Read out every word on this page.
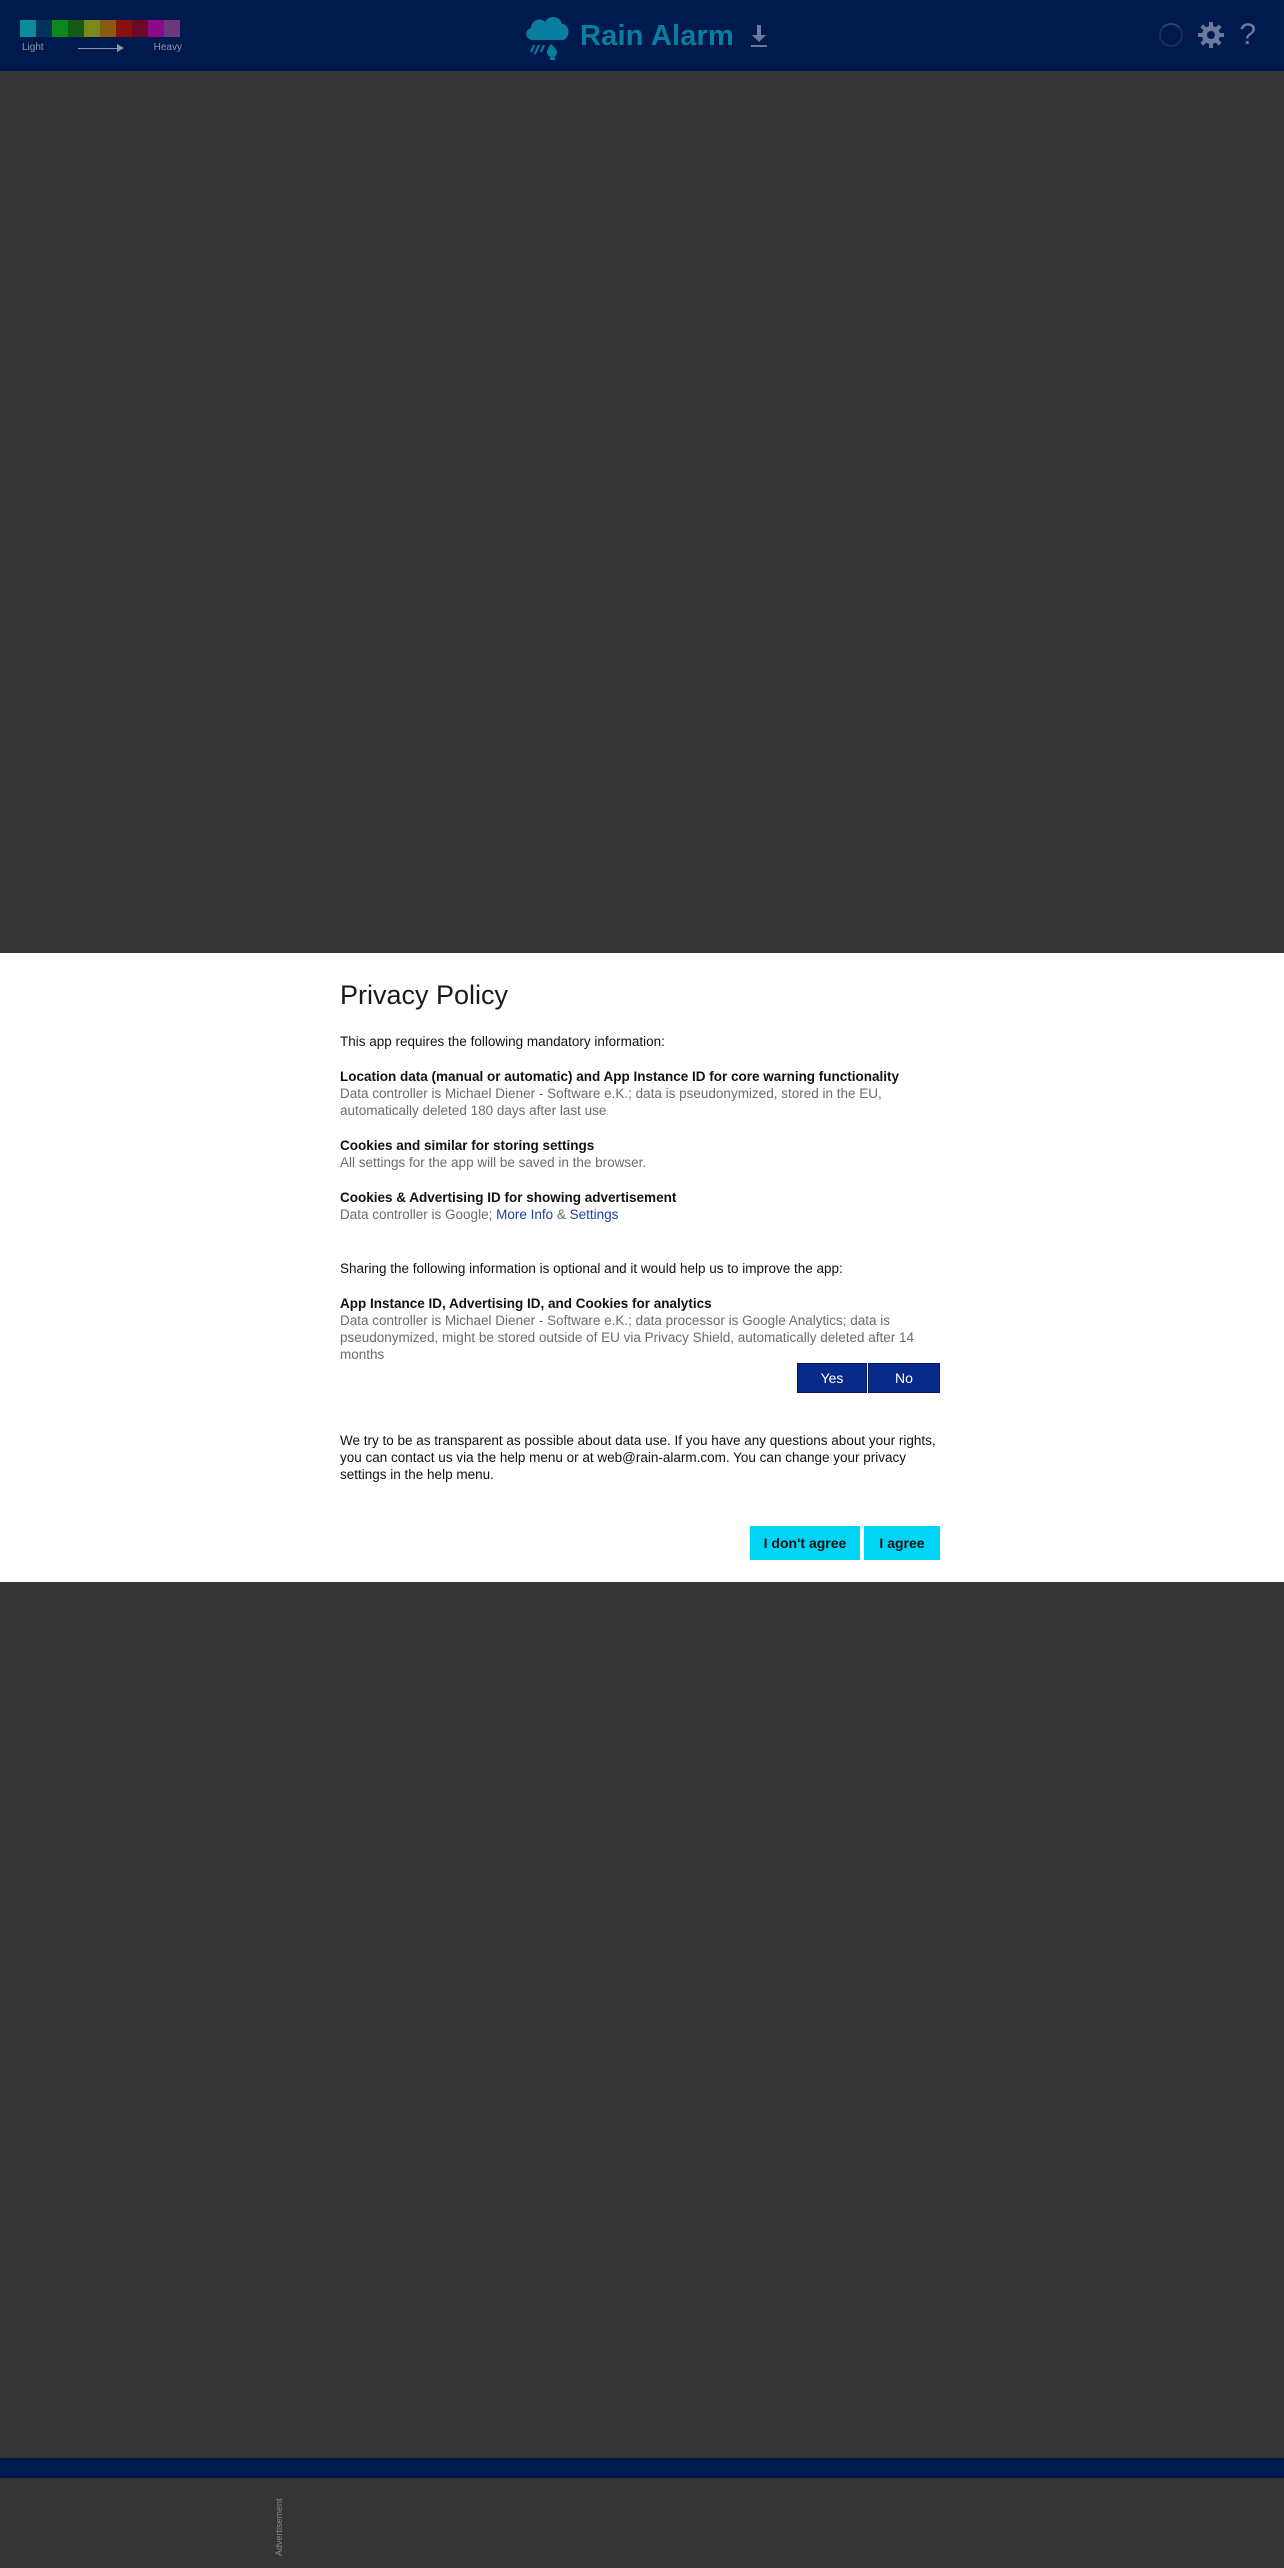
Light	Heavy	Rain Alarm	?
Privacy Policy
This app requires the following mandatory information:
Location data (manual or automatic) and App Instance ID for core warning functionality
Data controller is Michael Diener - Software e.K.; data is pseudonymized, stored in the EU, automatically deleted 180 days after last use
Cookies and similar for storing settings
All settings for the app will be saved in the browser.
Cookies & Advertising ID for showing advertisement
Data controller is Google; More Info & Settings
Sharing the following information is optional and it would help us to improve the app:
App Instance ID, Advertising ID, and Cookies for analytics
Data controller is Michael Diener - Software e.K.; data processor is Google Analytics; data is pseudonymized, might be stored outside of EU via Privacy Shield, automatically deleted after 14 months
Yes	No
We try to be as transparent as possible about data use. If you have any questions about your rights, you can contact us via the help menu or at web@rain-alarm.com. You can change your privacy settings in the help menu.
I don't agree	I agree
Advertisement
